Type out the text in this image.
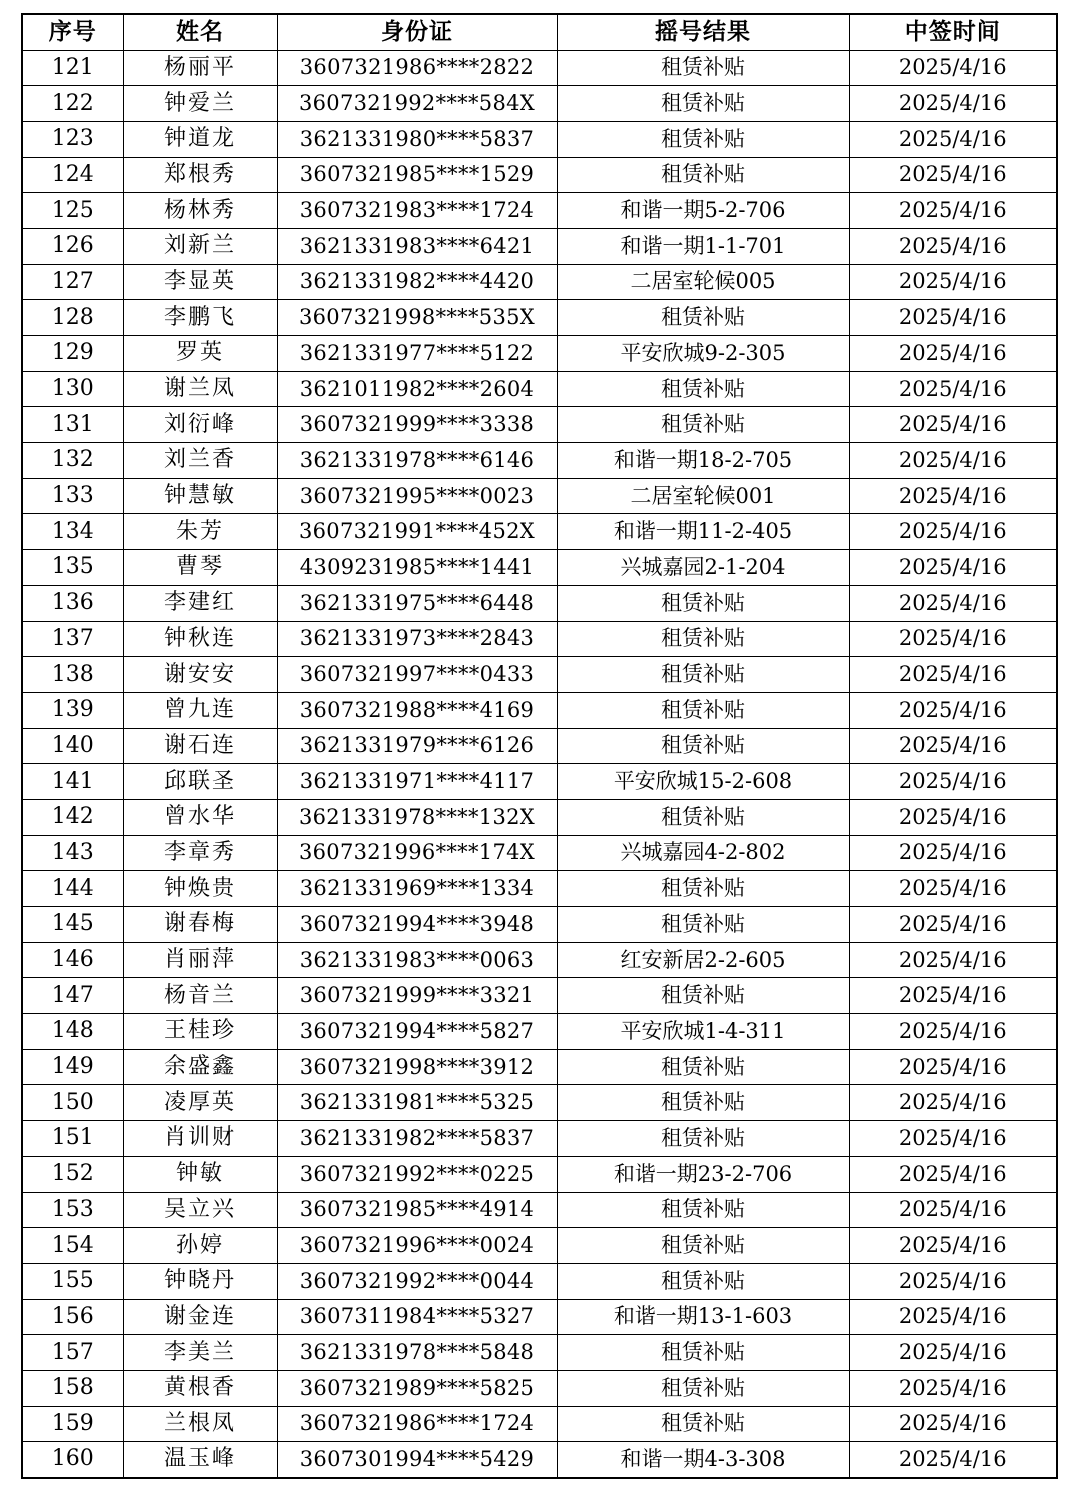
序号	姓名	身份证	摇号结果	中签时间
121	杨丽平	3607321986****2822	租赁补贴	2025/4/16
122	钟爱兰	3607321992****584X	租赁补贴	2025/4/16
123	钟道龙	3621331980****5837	租赁补贴	2025/4/16
124	郑根秀	3607321985****1529	租赁补贴	2025/4/16
125	杨林秀	3607321983****1724	和谐一期5-2-706	2025/4/16
126	刘新兰	3621331983****6421	和谐一期1-1-701	2025/4/16
127	李显英	3621331982****4420	二居室轮候005	2025/4/16
128	李鹏飞	3607321998****535X	租赁补贴	2025/4/16
129	罗英	3621331977****5122	平安欣城9-2-305	2025/4/16
130	谢兰凤	3621011982****2604	租赁补贴	2025/4/16
131	刘衍峰	3607321999****3338	租赁补贴	2025/4/16
132	刘兰香	3621331978****6146	和谐一期18-2-705	2025/4/16
133	钟慧敏	3607321995****0023	二居室轮候001	2025/4/16
134	朱芳	3607321991****452X	和谐一期11-2-405	2025/4/16
135	曹琴	4309231985****1441	兴城嘉园2-1-204	2025/4/16
136	李建红	3621331975****6448	租赁补贴	2025/4/16
137	钟秋连	3621331973****2843	租赁补贴	2025/4/16
138	谢安安	3607321997****0433	租赁补贴	2025/4/16
139	曾九连	3607321988****4169	租赁补贴	2025/4/16
140	谢石连	3621331979****6126	租赁补贴	2025/4/16
141	邱联圣	3621331971****4117	平安欣城15-2-608	2025/4/16
142	曾水华	3621331978****132X	租赁补贴	2025/4/16
143	李章秀	3607321996****174X	兴城嘉园4-2-802	2025/4/16
144	钟焕贵	3621331969****1334	租赁补贴	2025/4/16
145	谢春梅	3607321994****3948	租赁补贴	2025/4/16
146	肖丽萍	3621331983****0063	红安新居2-2-605	2025/4/16
147	杨音兰	3607321999****3321	租赁补贴	2025/4/16
148	王桂珍	3607321994****5827	平安欣城1-4-311	2025/4/16
149	余盛鑫	3607321998****3912	租赁补贴	2025/4/16
150	凌厚英	3621331981****5325	租赁补贴	2025/4/16
151	肖训财	3621331982****5837	租赁补贴	2025/4/16
152	钟敏	3607321992****0225	和谐一期23-2-706	2025/4/16
153	吴立兴	3607321985****4914	租赁补贴	2025/4/16
154	孙婷	3607321996****0024	租赁补贴	2025/4/16
155	钟晓丹	3607321992****0044	租赁补贴	2025/4/16
156	谢金连	3607311984****5327	和谐一期13-1-603	2025/4/16
157	李美兰	3621331978****5848	租赁补贴	2025/4/16
158	黄根香	3607321989****5825	租赁补贴	2025/4/16
159	兰根凤	3607321986****1724	租赁补贴	2025/4/16
160	温玉峰	3607301994****5429	和谐一期4-3-308	2025/4/16
